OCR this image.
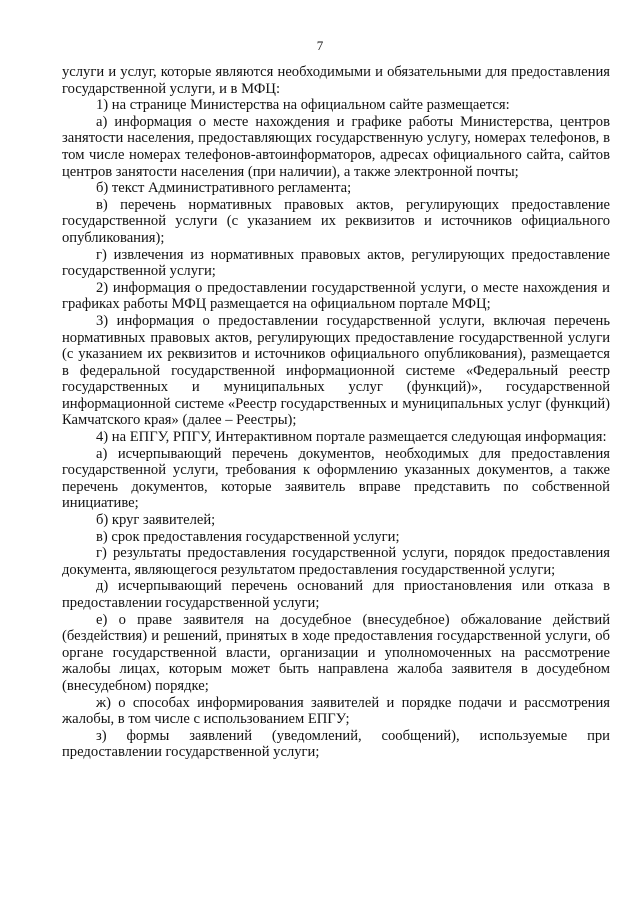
7

услуги и услуг, которые являются необходимыми и обязательными для предоставления государственной услуги, и в МФЦ:

1) на странице Министерства на официальном сайте размещается:

а) информация о месте нахождения и графике работы Министерства, центров занятости населения, предоставляющих государственную услугу, номерах телефонов, в том числе номерах телефонов-автоинформаторов, адресах официального сайта, сайтов центров занятости населения (при наличии), а также электронной почты;

б) текст Административного регламента;

в) перечень нормативных правовых актов, регулирующих предоставление государственной услуги (с указанием их реквизитов и источников официального опубликования);

г) извлечения из нормативных правовых актов, регулирующих предоставление государственной услуги;

2) информация о предоставлении государственной услуги, о месте нахождения и графиках работы МФЦ размещается на официальном портале МФЦ;

3) информация о предоставлении государственной услуги, включая перечень нормативных правовых актов, регулирующих предоставление государственной услуги (с указанием их реквизитов и источников официального опубликования), размещается в федеральной государственной информационной системе «Федеральный реестр государственных и муниципальных услуг (функций)», государственной информационной системе «Реестр государственных и муниципальных услуг (функций) Камчатского края» (далее – Реестры);

4) на ЕПГУ, РПГУ, Интерактивном портале размещается следующая информация:

а) исчерпывающий перечень документов, необходимых для предоставления государственной услуги, требования к оформлению указанных документов, а также перечень документов, которые заявитель вправе представить по собственной инициативе;

б) круг заявителей;

в) срок предоставления государственной услуги;

г) результаты предоставления государственной услуги, порядок предоставления документа, являющегося результатом предоставления государственной услуги;

д) исчерпывающий перечень оснований для приостановления или отказа в предоставлении государственной услуги;

е) о праве заявителя на досудебное (внесудебное) обжалование действий (бездействия) и решений, принятых в ходе предоставления государственной услуги, об органе государственной власти, организации и уполномоченных на рассмотрение жалобы лицах, которым может быть направлена жалоба заявителя в досудебном (внесудебном) порядке;

ж) о способах информирования заявителей и порядке подачи и рассмотрения жалобы, в том числе с использованием ЕПГУ;

з) формы заявлений (уведомлений, сообщений), используемые при предоставлении государственной услуги;
